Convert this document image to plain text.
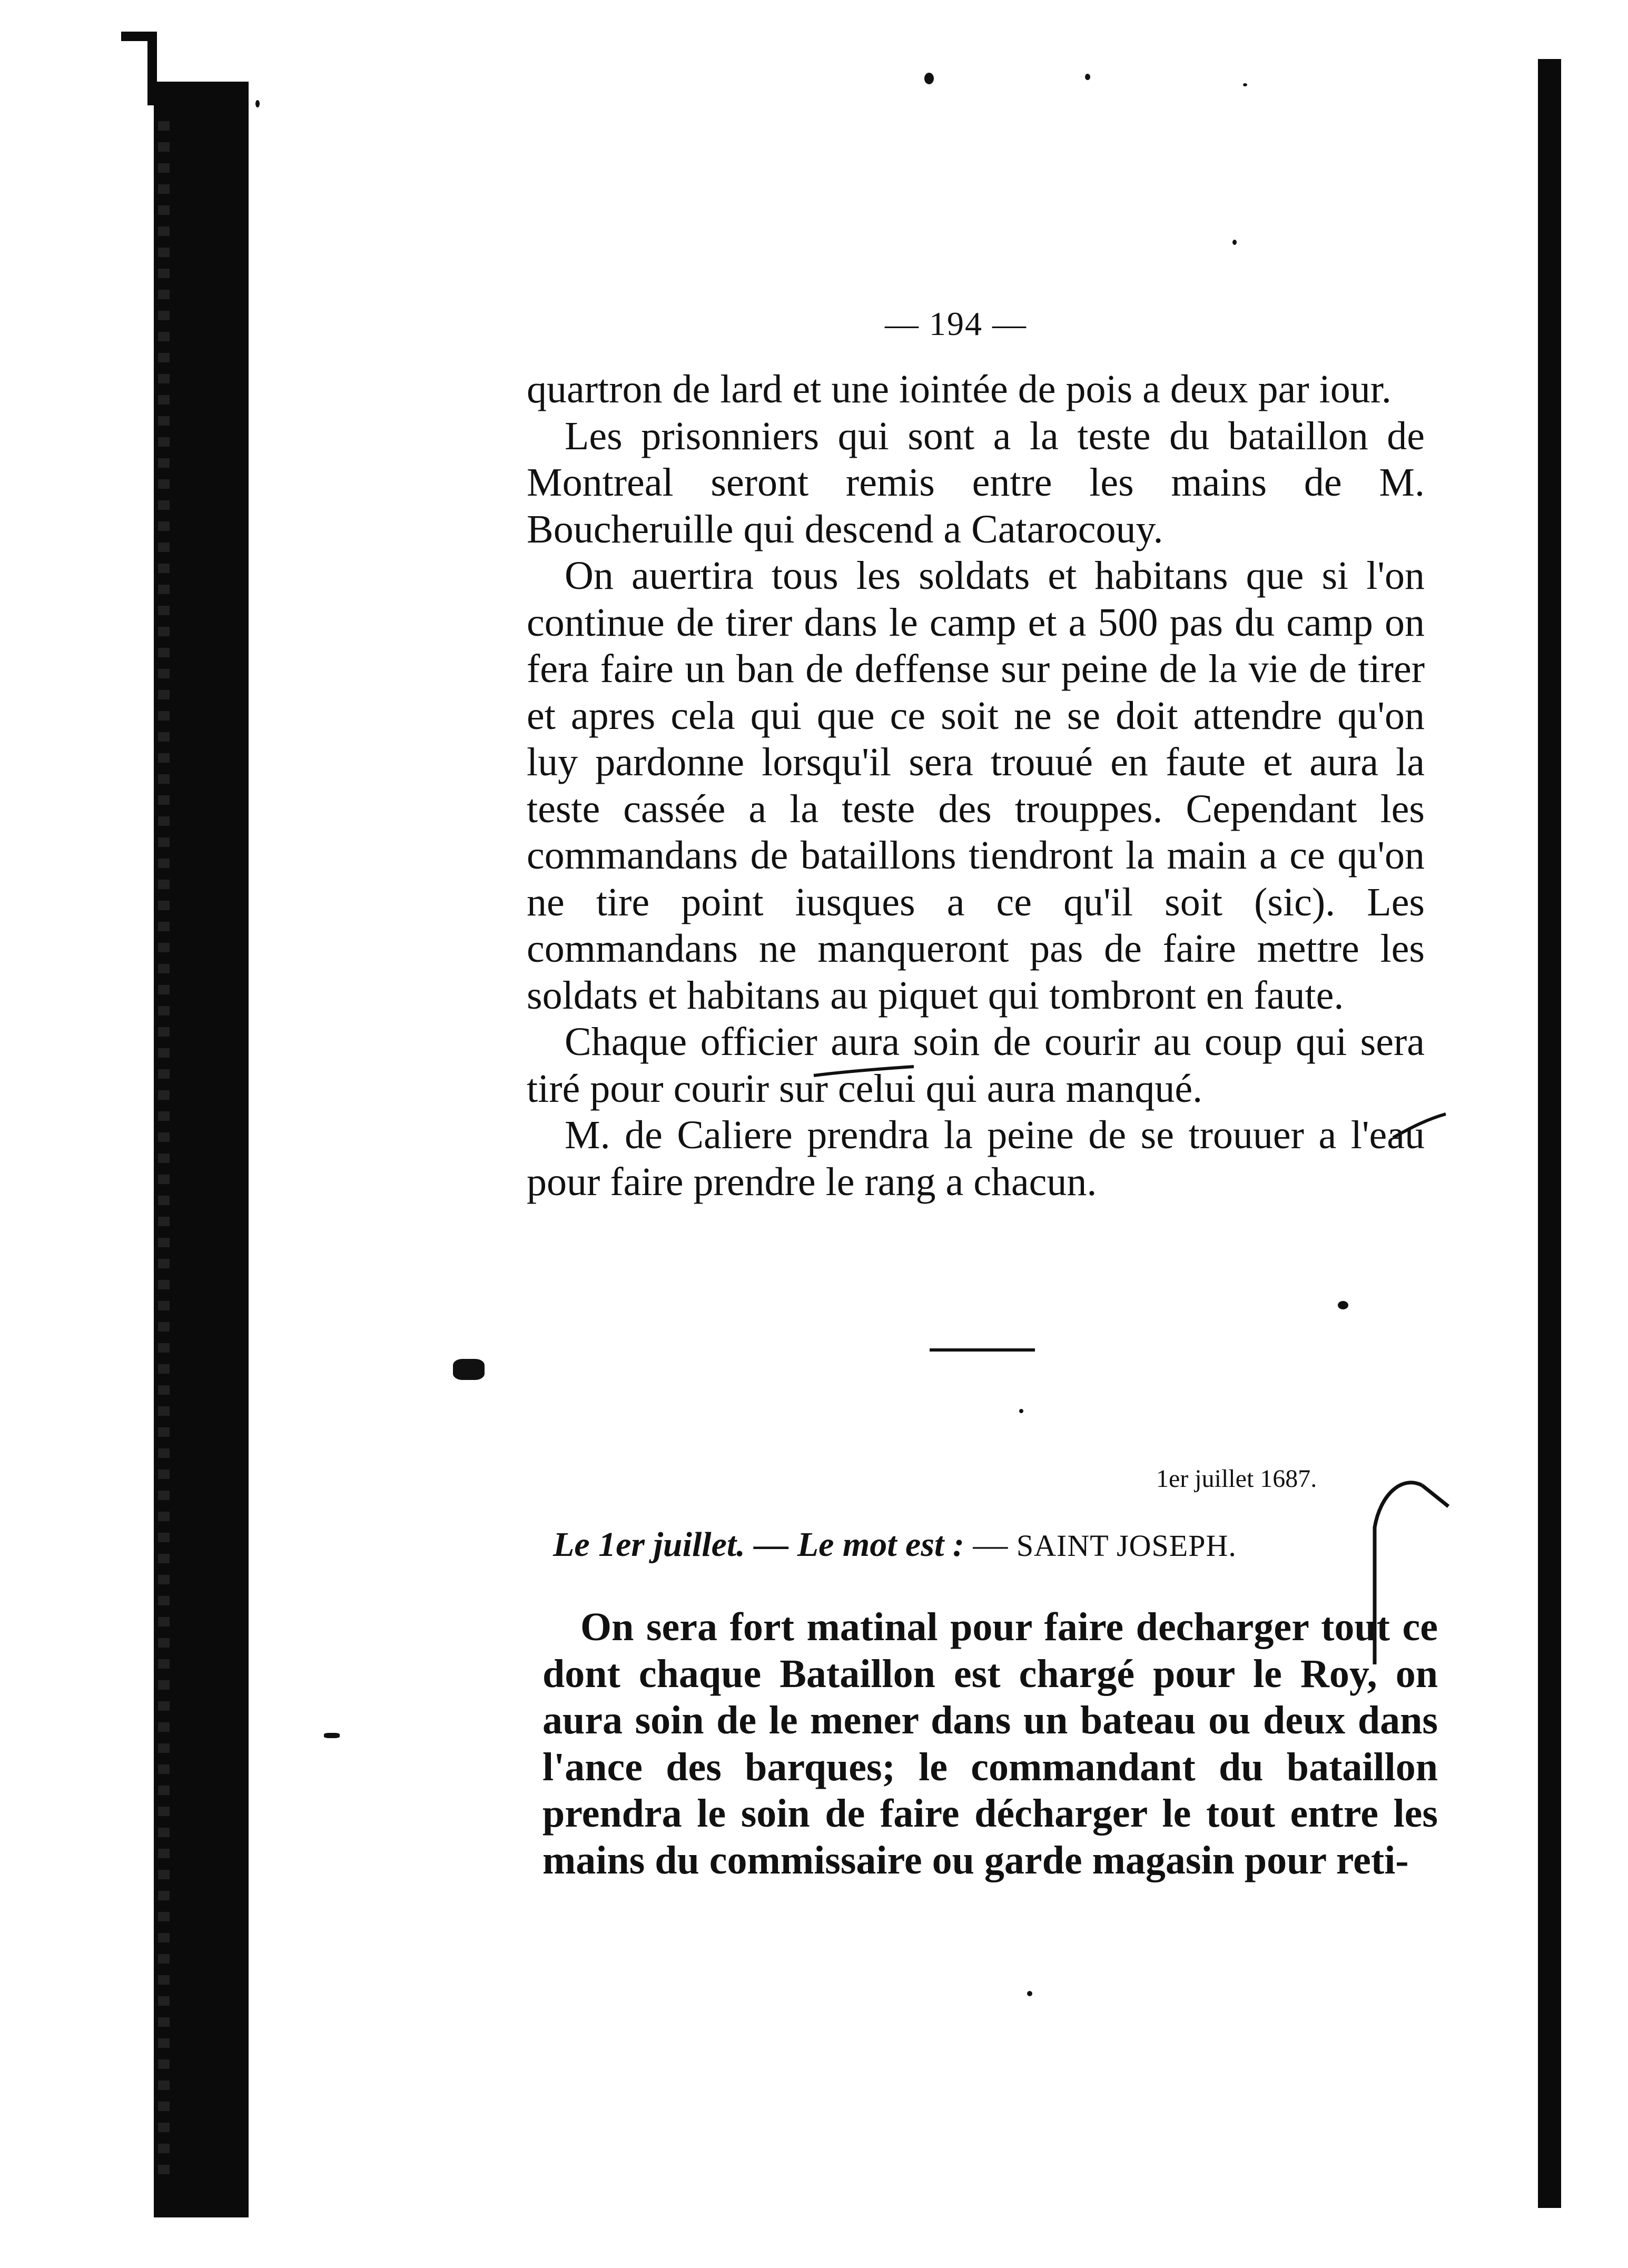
— 194 —

quartron de lard et une iointée de pois a deux par iour.

Les prisonniers qui sont a la teste du bataillon de Montreal seront remis entre les mains de M. Boucheruille qui descend a Catarocouy.

On auertira tous les soldats et habitans que si l'on continue de tirer dans le camp et a 500 pas du camp on fera faire un ban de deffense sur peine de la vie de tirer et apres cela qui que ce soit ne se doit attendre qu'on luy pardonne lorsqu'il sera trouué en faute et aura la teste cassée a la teste des trouppes. Cependant les commandans de bataillons tiendront la main a ce qu'on ne tire point iusques a ce qu'il soit (sic). Les commandans ne manqueront pas de faire mettre les soldats et habitans au piquet qui tombront en faute.

Chaque officier aura soin de courir au coup qui sera tiré pour courir sur celui qui aura manqué.

M. de Caliere prendra la peine de se trouuer a l'eau pour faire prendre le rang a chacun.

1er juillet 1687.
Le 1er juillet. — Le mot est : — SAINT JOSEPH.

On sera fort matinal pour faire decharger tout ce dont chaque Bataillon est chargé pour le Roy, on aura soin de le mener dans un bateau ou deux dans l'ance des barques; le commandant du bataillon prendra le soin de faire décharger le tout entre les mains du commissaire ou garde magasin pour reti-
